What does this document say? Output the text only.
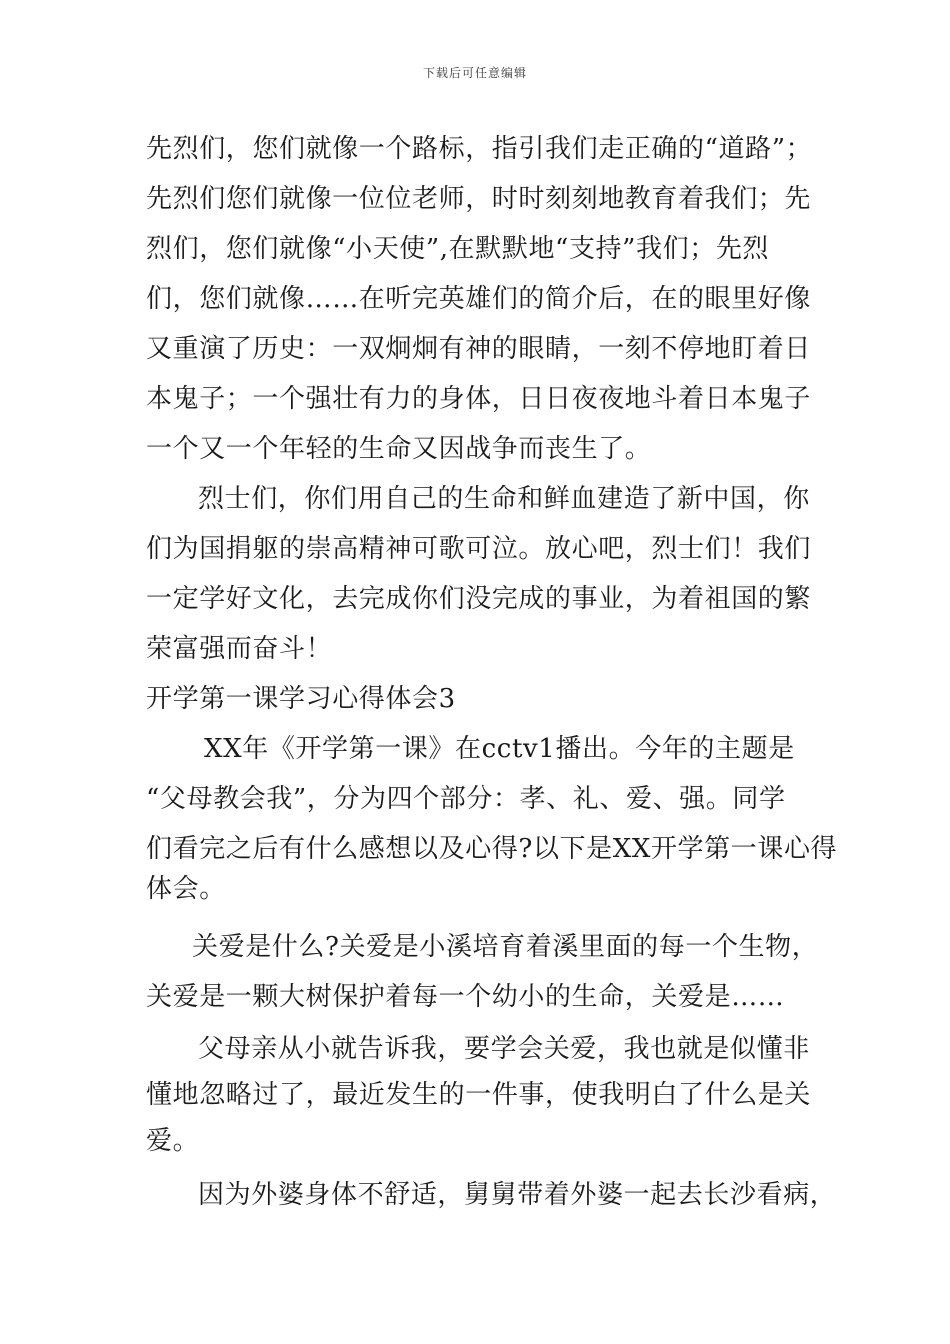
下载后可任意编辑
先烈们，您们就像一个路标，指引我们走正确的“道路”；
先烈们您们就像一位位老师，时时刻刻地教育着我们；先
烈们，您们就像“小天使”,在默默地“支持”我们；先烈
们，您们就像……在听完英雄们的简介后，在的眼里好像
又重演了历史：一双炯炯有神的眼睛，一刻不停地盯着日
本鬼子；一个强壮有力的身体，日日夜夜地斗着日本鬼子
一个又一个年轻的生命又因战争而丧生了。
烈士们，你们用自己的生命和鲜血建造了新中国，你
们为国捐躯的崇高精神可歌可泣。放心吧，烈士们！我们
一定学好文化，去完成你们没完成的事业，为着祖国的繁
荣富强而奋斗！
开学第一课学习心得体会3
XX年《开学第一课》在cctv1播出。今年的主题是
“父母教会我”，分为四个部分：孝、礼、爱、强。同学
们看完之后有什么感想以及心得?以下是XX开学第一课心得
体会。
关爱是什么?关爱是小溪培育着溪里面的每一个生物，
关爱是一颗大树保护着每一个幼小的生命，关爱是……
父母亲从小就告诉我，要学会关爱，我也就是似懂非
懂地忽略过了，最近发生的一件事，使我明白了什么是关
爱。
因为外婆身体不舒适，舅舅带着外婆一起去长沙看病，
